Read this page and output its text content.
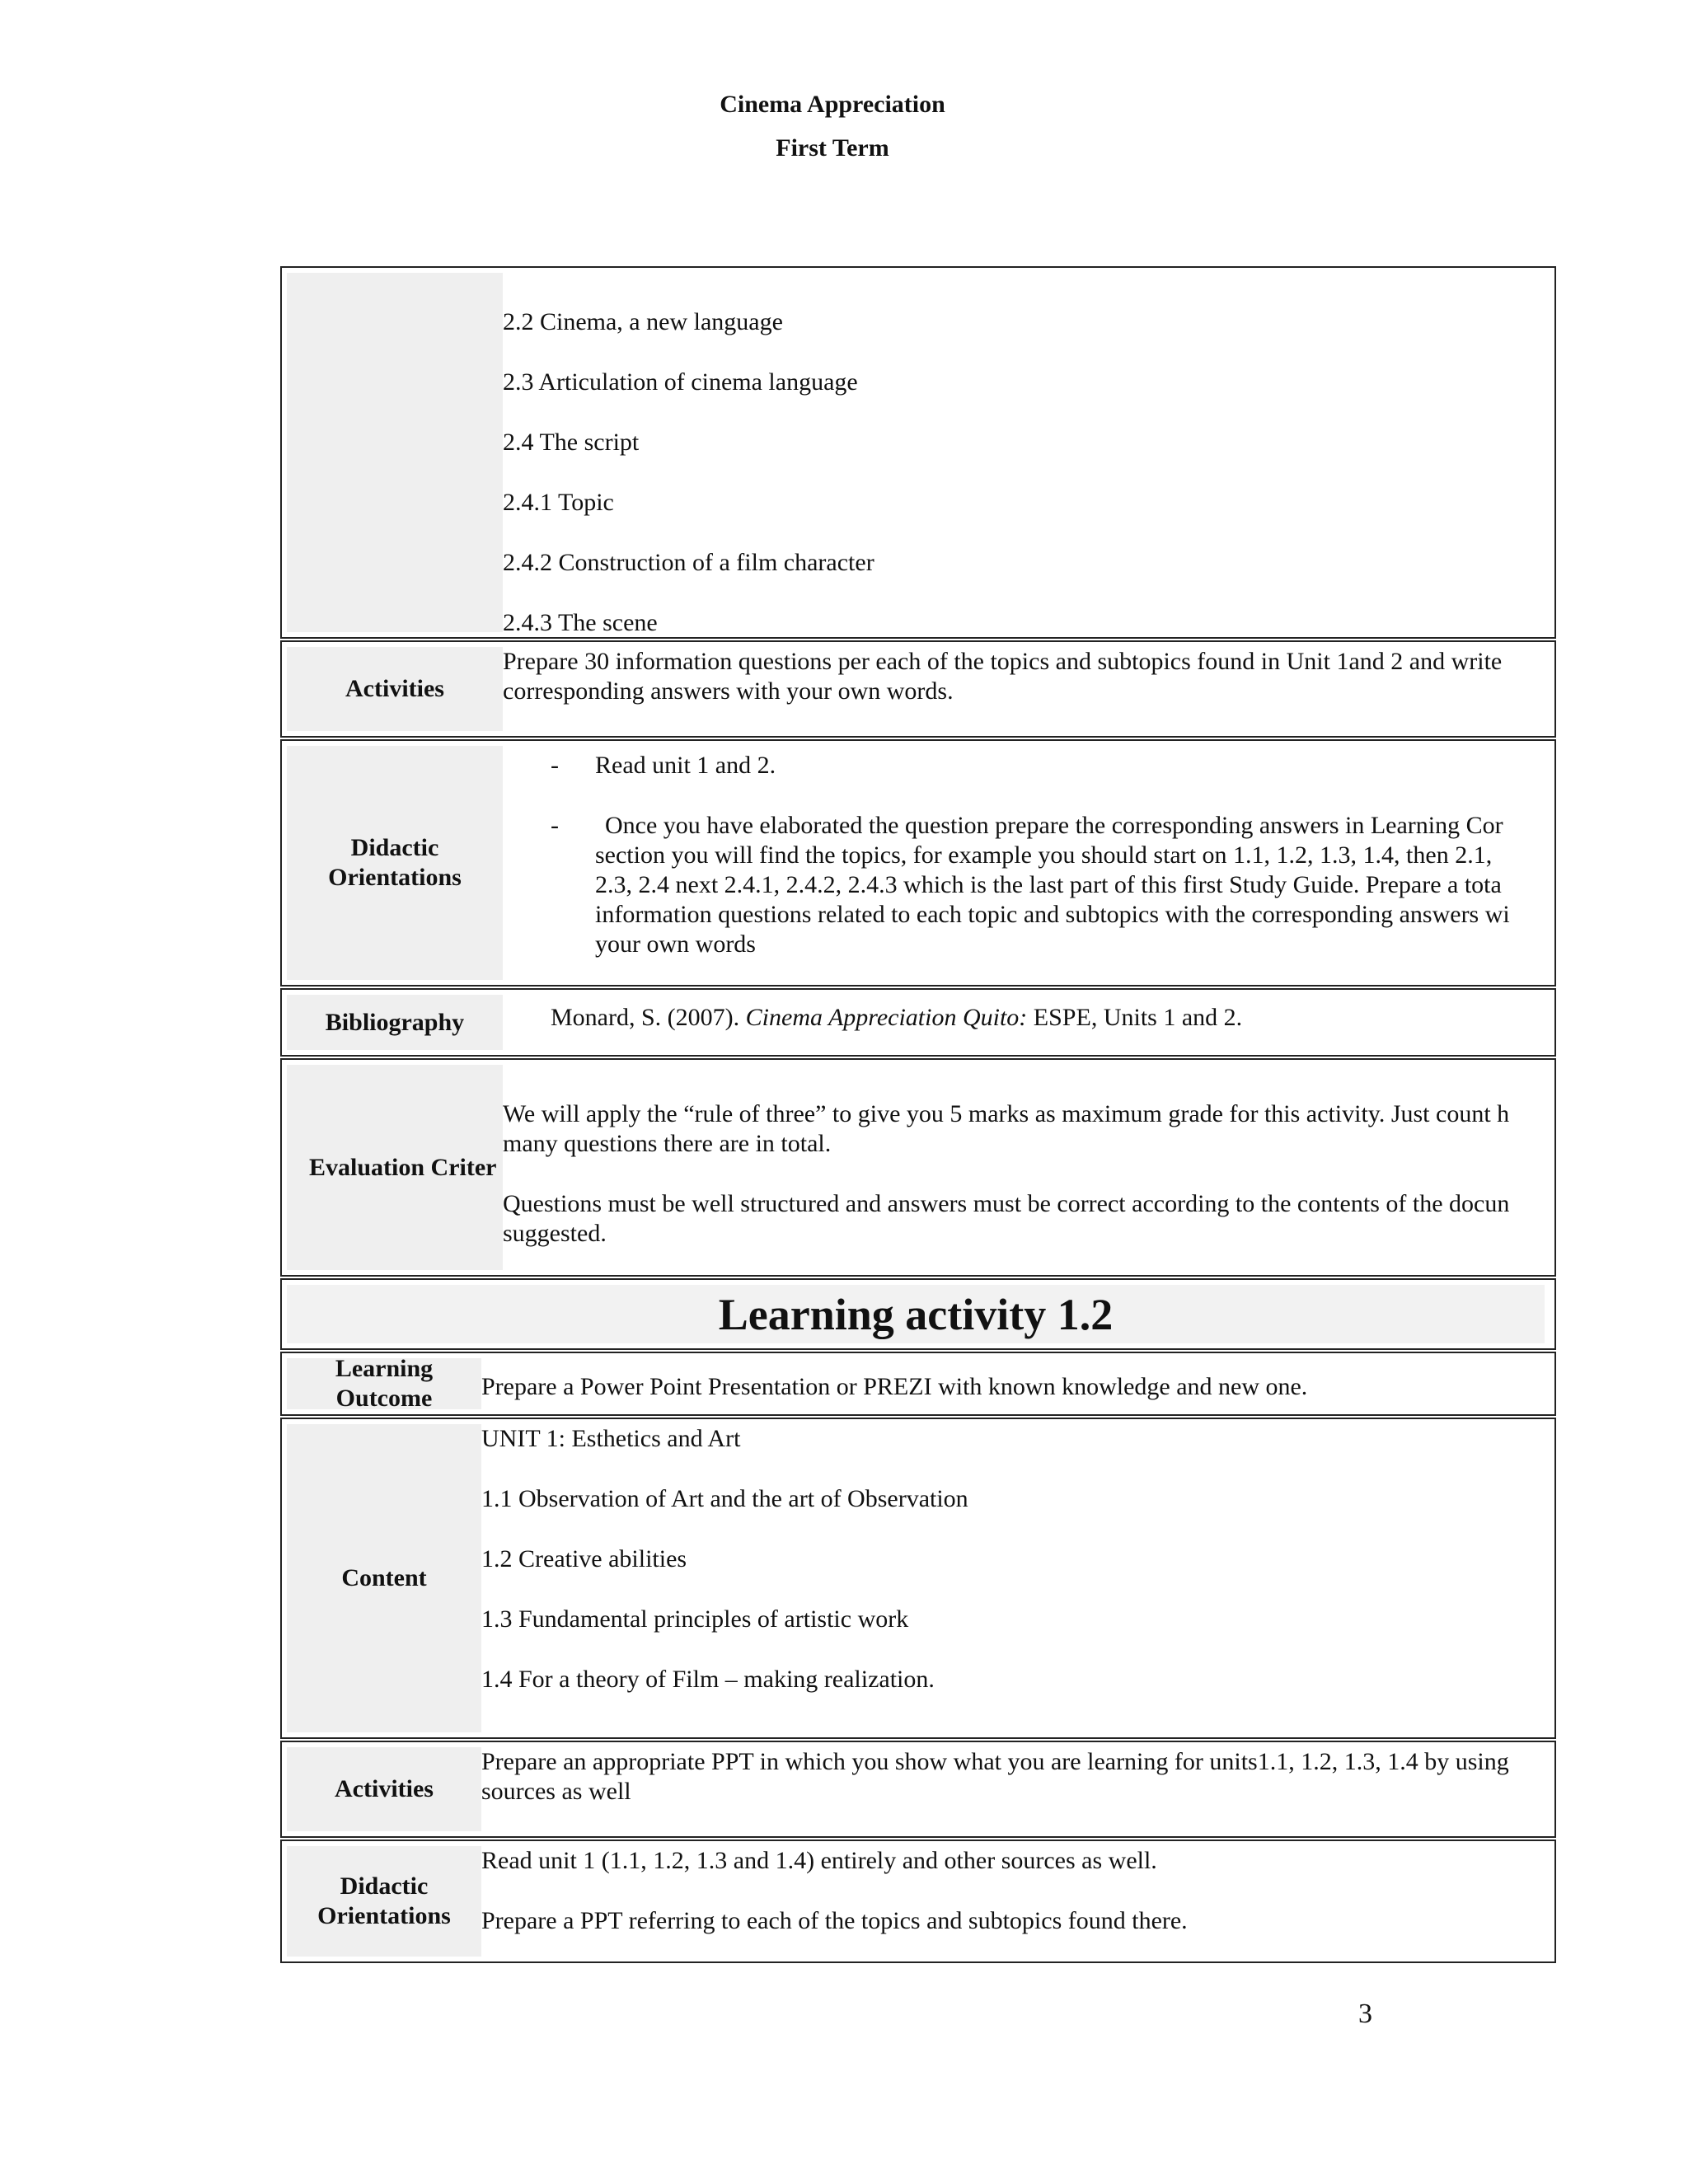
Cinema Appreciation
First Term
2.2 Cinema, a new language
2.3 Articulation of cinema language
2.4 The script
2.4.1 Topic
2.4.2 Construction of a film character
2.4.3 The scene
Activities
Prepare 30 information questions per each of the topics and subtopics found in Unit 1and 2 and write
corresponding answers with your own words.
Didactic
Orientations
- Read unit 1 and 2.
- Once you have elaborated the question prepare the corresponding answers in Learning Cor
section you will find the topics, for example you should start on 1.1, 1.2, 1.3, 1.4, then 2.1,
2.3, 2.4 next 2.4.1, 2.4.2, 2.4.3 which is the last part of this first Study Guide. Prepare a tota
information questions related to each topic and subtopics with the corresponding answers wi
your own words
Bibliography	Monard, S. (2007). Cinema Appreciation Quito: ESPE, Units 1 and 2.
Evaluation Criter
We will apply the “rule of three” to give you 5 marks as maximum grade for this activity. Just count h
many questions there are in total.
Questions must be well structured and answers must be correct according to the contents of the docun
suggested.
Learning activity 1.2
Learning
Outcome Prepare a Power Point Presentation or PREZI with known knowledge and new one.
Content
UNIT 1: Esthetics and Art
1.1 Observation of Art and the art of Observation
1.2 Creative abilities
1.3 Fundamental principles of artistic work
1.4 For a theory of Film – making realization.
Activities
Prepare an appropriate PPT in which you show what you are learning for units1.1, 1.2, 1.3, 1.4 by using
sources as well
Didactic
Orientations
Read unit 1 (1.1, 1.2, 1.3 and 1.4) entirely and other sources as well.
Prepare a PPT referring to each of the topics and subtopics found there.
3
